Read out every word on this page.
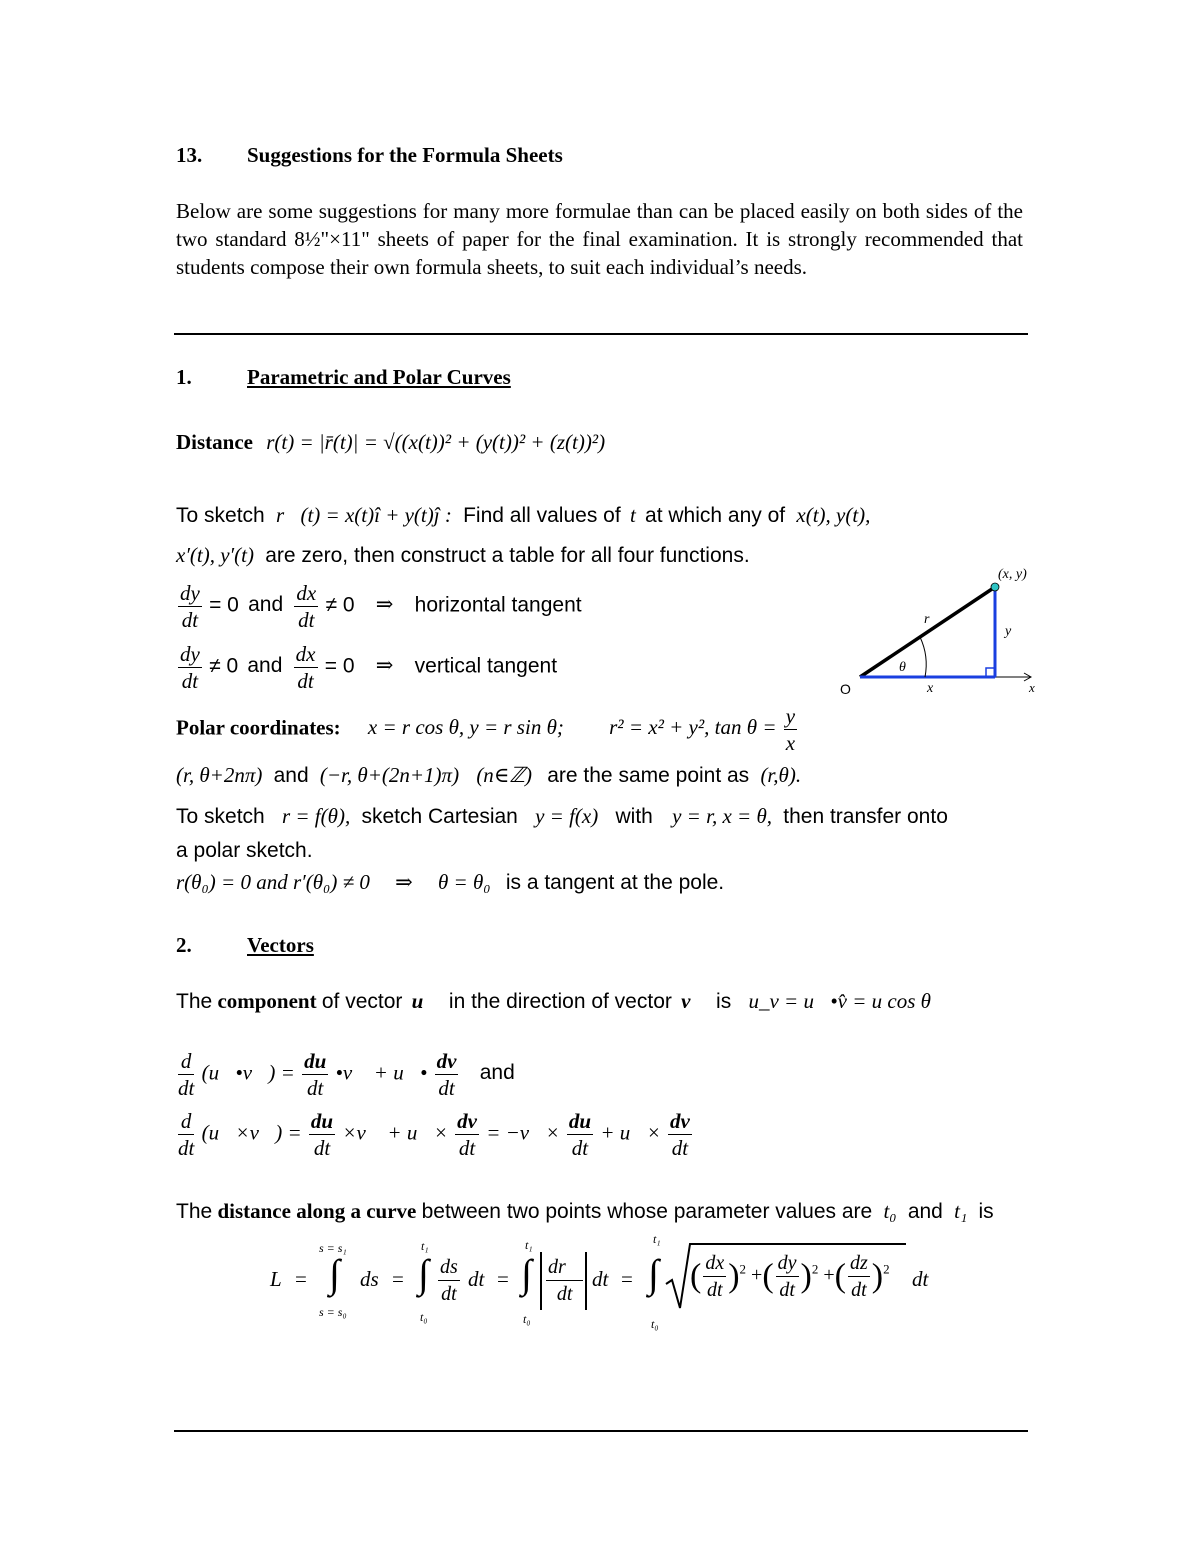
13. Suggestions for the Formula Sheets
Below are some suggestions for many more formulae than can be placed easily on both sides of the two standard 8½"×11" sheets of paper for the final examination. It is strongly recommended that students compose their own formula sheets, to suit each individual’s needs.
1.	Parametric and Polar Curves
Distance r(t) = |r̄(t)| = √((x(t))² + (y(t))² + (z(t))²)
To sketch r⃗(t) = x(t)î + y(t)ĵ : Find all values of t at which any of x(t), y(t),
x′(t), y′(t) are zero, then construct a table for all four functions.
$\frac{dy}{dt} = 0$ and $\frac{dx}{dt} \ne 0$ ⇒ horizontal tangent
$\frac{dy}{dt} \ne 0$ and $\frac{dx}{dt} = 0$ ⇒ vertical tangent
(x, y)
r
y
x
θ
O	x
Polar coordinates: x = r cos θ, y = r sin θ; r² = x² + y², $\tan \theta = \frac{y}{x}$
(r, θ+2nπ) and (−r, θ+(2n+1)π) (n∈ℤ) are the same point as (r,θ).
To sketch r = f(θ), sketch Cartesian y = f(x) with y = r, x = θ, then transfer onto
a polar sketch.
r(θ₀) = 0 and r′(θ₀) ≠ 0 ⇒ θ = θ₀ is a tangent at the pole.
2.	Vectors
The component of vector u⃗ in the direction of vector v⃗ is u_v = u⃗•v̂ = u cos θ
$\frac{d}{dt}$ (u⃗•v⃗) = $\frac{du}{dt}$ •v⃗ + u⃗• $\frac{dv}{dt}$ and
$\frac{d}{dt}$ (u⃗×v⃗) = $\frac{du}{dt}$ ×v⃗ + u⃗× $\frac{dv}{dt}$ = −v⃗× $\frac{du}{dt}$ + u⃗× $\frac{dv}{dt}$
The distance along a curve between two points whose parameter values are t₀ and t₁ is
L =
s = s₁
∫
s = s₀
ds =
t₁
∫
t₀
$\frac{ds}{dt}$ dt =
t₁
∫
t₀
$\frac{dr⃗}{dt}$ dt =
t₁
∫
t₀
( $\frac{dx}{dt} )^2$ +( $\frac{dy}{dt} )^2$ +( $\frac{dz}{dt} )^2$ dt
